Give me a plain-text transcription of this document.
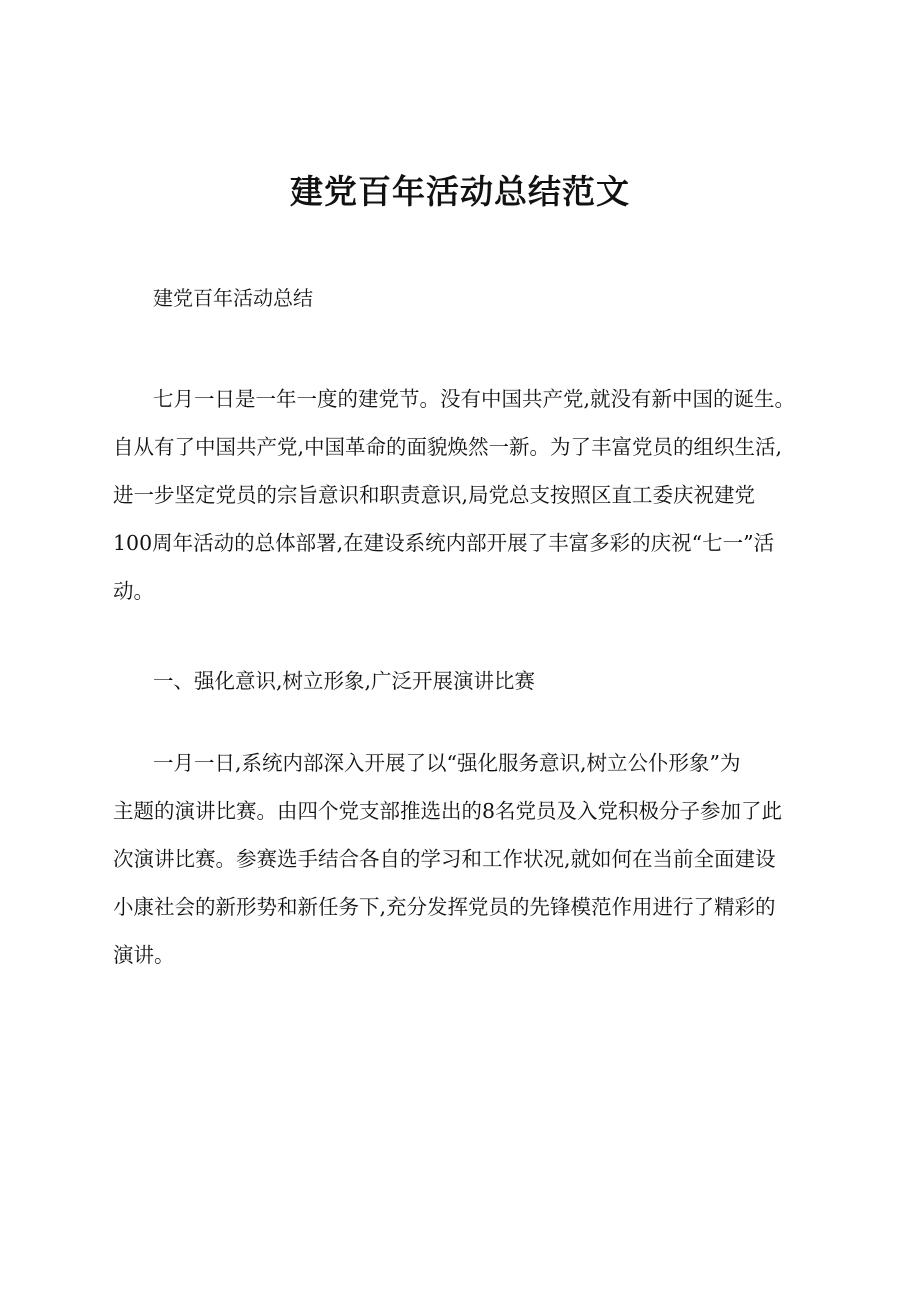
建党百年活动总结范文

建党百年活动总结

七月一日是一年一度的建党节。没有中国共产党,就没有新中国的诞生。
自从有了中国共产党,中国革命的面貌焕然一新。为了丰富党员的组织生活,
进一步坚定党员的宗旨意识和职责意识,局党总支按照区直工委庆祝建党
100周年活动的总体部署,在建设系统内部开展了丰富多彩的庆祝“七一”活
动。

一、强化意识,树立形象,广泛开展演讲比赛

一月一日,系统内部深入开展了以“强化服务意识,树立公仆形象”为
主题的演讲比赛。由四个党支部推选出的8名党员及入党积极分子参加了此
次演讲比赛。参赛选手结合各自的学习和工作状况,就如何在当前全面建设
小康社会的新形势和新任务下,充分发挥党员的先锋模范作用进行了精彩的
演讲。
